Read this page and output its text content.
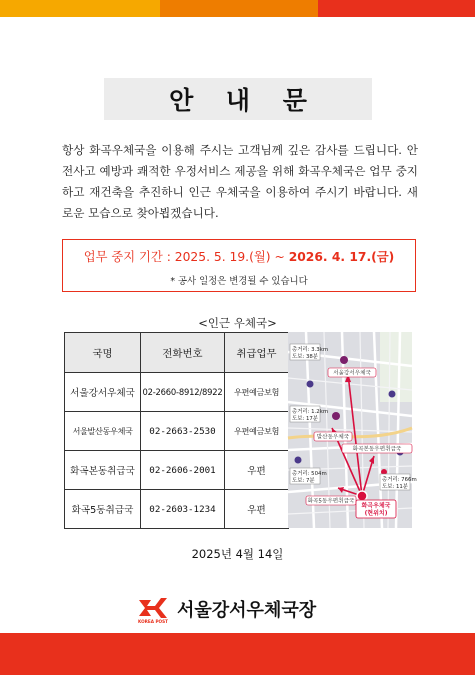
안 내 문

항상 화곡우체국을 이용해 주시는 고객님께 깊은 감사를 드립니다. 안전사고 예방과 쾌적한 우정서비스 제공을 위해 화곡우체국은 업무 중지하고 재건축을 추진하니 인근 우체국을 이용하여 주시기 바랍니다. 새로운 모습으로 찾아뵙겠습니다.

업무 중지 기간 : 2025. 5. 19.(월) ~ 2026. 4. 17.(금)
* 공사 일정은 변경될 수 있습니다
<인근 우체국>
국명	전화번호	취급업무
서울강서우체국	02-2660-8912/8922	우편예금보험
서울발산동우체국	02-2663-2530	우편예금보험
화곡본동취급국	02-2606-2001	우편
화곡5동취급국	02-2603-1234	우편
서울강서우체국
발산동우체국
화곡본동우편취급국
화곡5동우편취급국
화곡우체국
(현위치)
총거리: 3.3km
도보: 38분
총거리: 1.2km
도보: 17분
총거리: 504m
도보: 7분	총거리: 766m
도보: 11분
2025년 4월 14일
KOREA POST
서울강서우체국장
